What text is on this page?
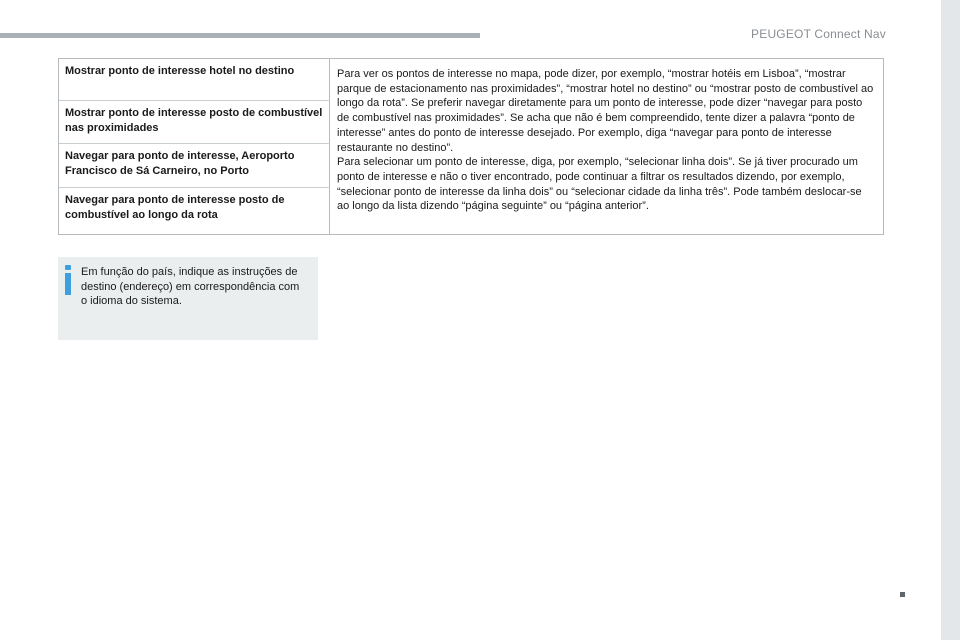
PEUGEOT Connect Nav
Mostrar ponto de interesse hotel no destino
Mostrar ponto de interesse posto de combustível nas proximidades
Navegar para ponto de interesse, Aeroporto Francisco de Sá Carneiro, no Porto
Navegar para ponto de interesse posto de combustível ao longo da rota

Para ver os pontos de interesse no mapa, pode dizer, por exemplo, “mostrar hotéis em Lisboa”, “mostrar parque de estacionamento nas proximidades”, “mostrar hotel no destino” ou “mostrar posto de combustível ao longo da rota”. Se preferir navegar diretamente para um ponto de interesse, pode dizer “navegar para posto de combustível nas proximidades”. Se acha que não é bem compreendido, tente dizer a palavra “ponto de interesse” antes do ponto de interesse desejado. Por exemplo, diga “navegar para ponto de interesse restaurante no destino”.

Para selecionar um ponto de interesse, diga, por exemplo, “selecionar linha dois”. Se já tiver procurado um ponto de interesse e não o tiver encontrado, pode continuar a filtrar os resultados dizendo, por exemplo, “selecionar ponto de interesse da linha dois” ou “selecionar cidade da linha três”. Pode também deslocar-se ao longo da lista dizendo “página seguinte” ou “página anterior”.

Em função do país, indique as instruções de destino (endereço) em correspondência com o idioma do sistema.
